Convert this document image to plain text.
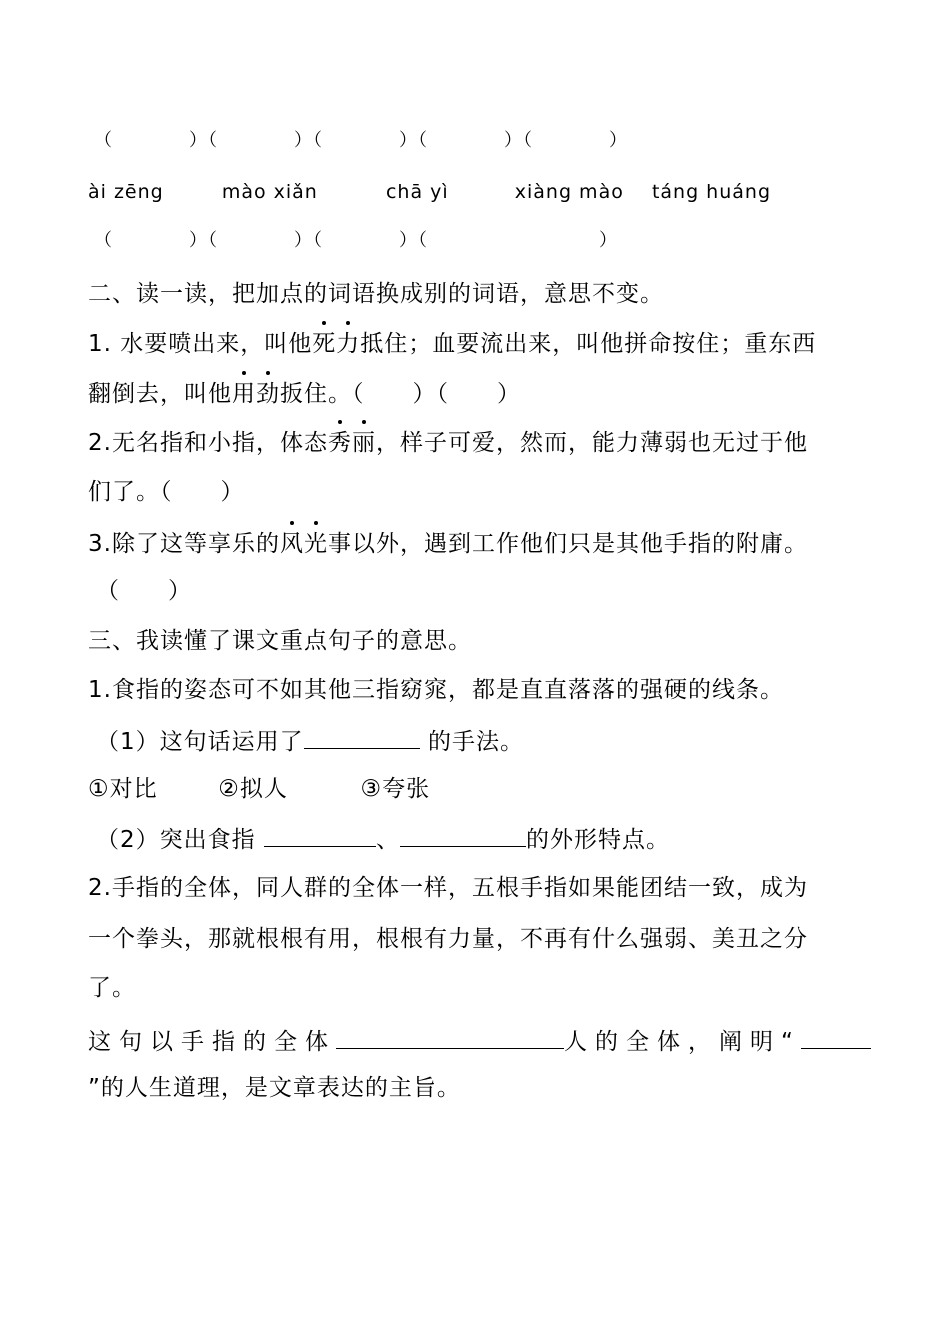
（　　　　）（　　　　）（　　　　）（　　　　）（　　　　）
ài zēng	mào xiǎn	chā yì	xiàng mào táng huáng
（　　　　）（　　　　）（　　　　）（　　　　　　　　　）
二、读一读，把加点的词语换成别的词语，意思不变。
1. 水要喷出来，叫他死力抵住；血要流出来，叫他拼命按住；重东西
翻倒去，叫他用劲扳住。（　　）（　　）
2.无名指和小指，体态秀丽，样子可爱，然而，能力薄弱也无过于他
们了。（　　）
3.除了这等享乐的风光事以外，遇到工作他们只是其他手指的附庸。
（　　）
三、我读懂了课文重点句子的意思。
1.食指的姿态可不如其他三指窈窕，都是直直落落的强硬的线条。
（1）这句话运用了	的手法。
①对比	②拟人	③夸张
（2）突出食指	、	的外形特点。
2.手指的全体，同人群的全体一样，五根手指如果能团结一致，成为
一个拳头，那就根根有用，根根有力量，不再有什么强弱、美丑之分
了。
这句以手指的全体	人的全体，阐明“
”的人生道理，是文章表达的主旨。
